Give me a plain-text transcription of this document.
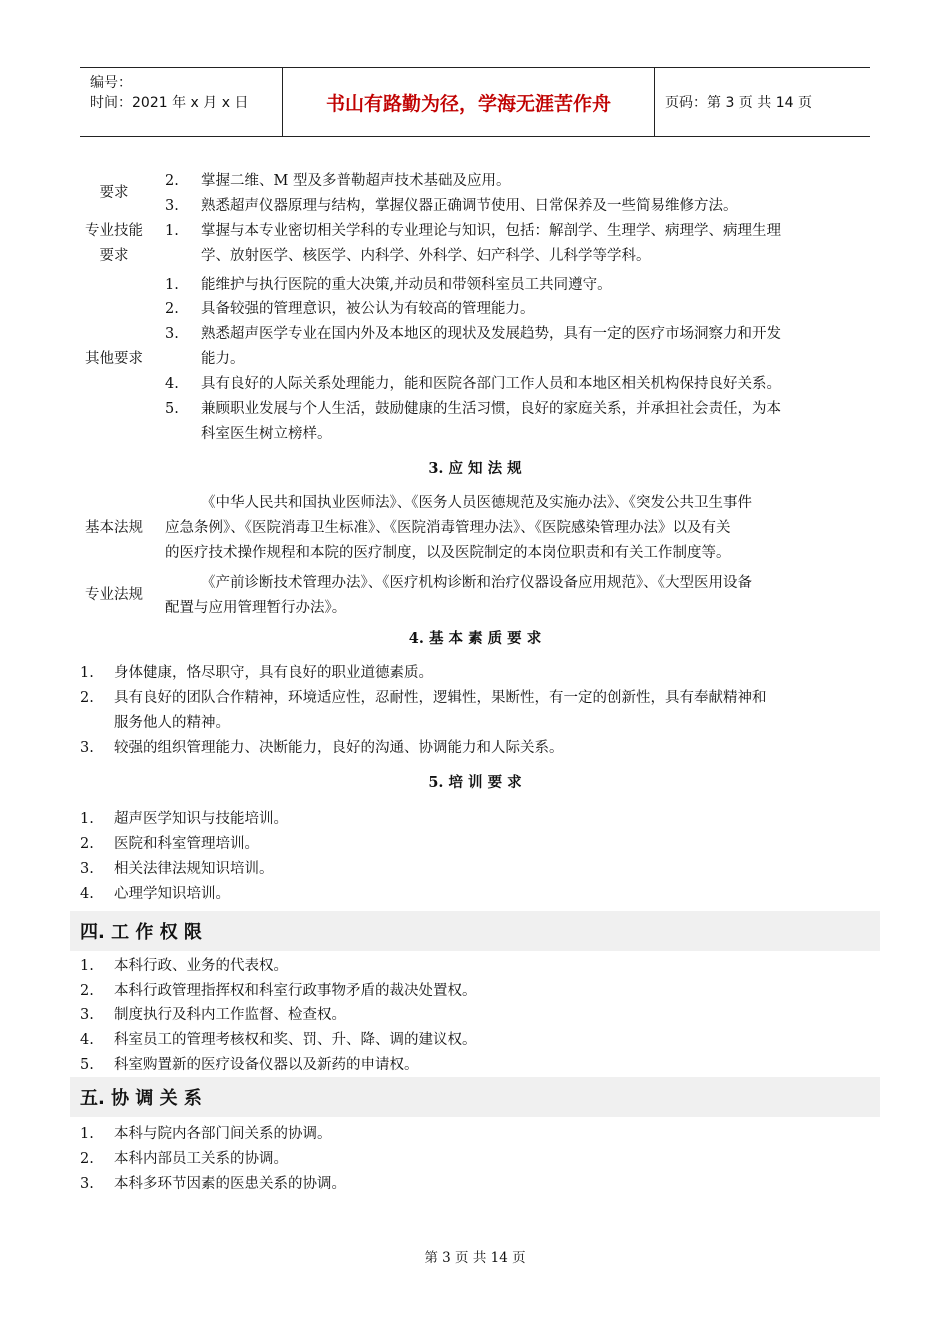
编号：
时间：2021 年 x 月 x 日	书山有路勤为径，学海无涯苦作舟	页码：第 3 页 共 14 页
要求
2. 掌握二维、M 型及多普勒超声技术基础及应用。
3. 熟悉超声仪器原理与结构，掌握仪器正确调节使用、日常保养及一些简易维修方法。
专业技能
要求
1. 掌握与本专业密切相关学科的专业理论与知识，包括：解剖学、生理学、病理学、病理生理
学、放射医学、核医学、内科学、外科学、妇产科学、儿科学等学科。
其他要求
1. 能维护与执行医院的重大决策,并动员和带领科室员工共同遵守。
2. 具备较强的管理意识，被公认为有较高的管理能力。
3. 熟悉超声医学专业在国内外及本地区的现状及发展趋势，具有一定的医疗市场洞察力和开发
能力。
4. 具有良好的人际关系处理能力，能和医院各部门工作人员和本地区相关机构保持良好关系。
5. 兼顾职业发展与个人生活，鼓励健康的生活习惯，良好的家庭关系，并承担社会责任，为本
科室医生树立榜样。
3. 应 知 法 规
基本法规
《中华人民共和国执业医师法》、《医务人员医德规范及实施办法》、《突发公共卫生事件
应急条例》、《医院消毒卫生标准》、《医院消毒管理办法》、《医院感染管理办法》以及有关
的医疗技术操作规程和本院的医疗制度，以及医院制定的本岗位职责和有关工作制度等。
专业法规
《产前诊断技术管理办法》、《医疗机构诊断和治疗仪器设备应用规范》、《大型医用设备
配置与应用管理暂行办法》。
4. 基 本 素 质 要 求
1. 身体健康，恪尽职守，具有良好的职业道德素质。
2. 具有良好的团队合作精神，环境适应性，忍耐性，逻辑性，果断性，有一定的创新性，具有奉献精神和
服务他人的精神。
3. 较强的组织管理能力、决断能力，良好的沟通、协调能力和人际关系。
5. 培 训 要 求
1. 超声医学知识与技能培训。
2. 医院和科室管理培训。
3. 相关法律法规知识培训。
4. 心理学知识培训。
四. 工 作 权 限
1. 本科行政、业务的代表权。
2. 本科行政管理指挥权和科室行政事物矛盾的裁决处置权。
3. 制度执行及科内工作监督、检查权。
4. 科室员工的管理考核权和奖、罚、升、降、调的建议权。
5. 科室购置新的医疗设备仪器以及新药的申请权。
五. 协 调 关 系
1. 本科与院内各部门间关系的协调。
2. 本科内部员工关系的协调。
3. 本科多环节因素的医患关系的协调。
第 3 页 共 14 页
